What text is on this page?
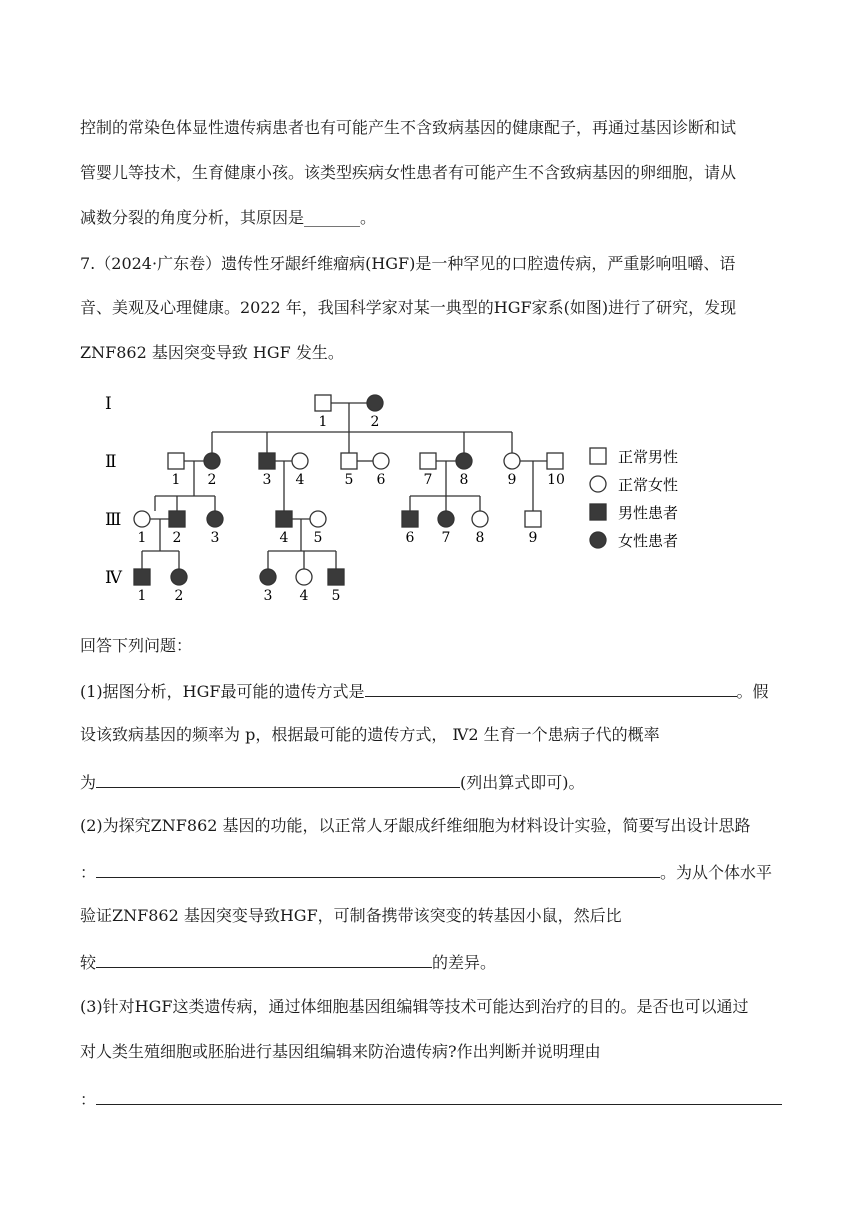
控制的常染色体显性遗传病患者也有可能产生不含致病基因的健康配子，再通过基因诊断和试
管婴儿等技术，生育健康小孩。该类型疾病女性患者有可能产生不含致病基因的卵细胞，请从
减数分裂的角度分析，其原因是_______。
7.（2024·广东卷）遗传性牙龈纤维瘤病(HGF)是一种罕见的口腔遗传病，严重影响咀嚼、语
音、美观及心理健康。2022 年，我国科学家对某一典型的HGF家系(如图)进行了研究，发现
ZNF862 基因突变导致 HGF 发生。
Ⅰ
Ⅱ
Ⅲ
Ⅳ
1	2
1 2	3 4	5 6	7 8	9 10
1 2 3	4 5	6 7 8	9
1 2	3 4 5
正常男性
正常女性
男性患者
女性患者
回答下列问题：
(1)据图分析，HGF最可能的遗传方式是	。假
设该致病基因的频率为 p，根据最可能的遗传方式， Ⅳ2 生育一个患病子代的概率
为	(列出算式即可)。
(2)为探究ZNF862 基因的功能，以正常人牙龈成纤维细胞为材料设计实验，简要写出设计思路
：	。为从个体水平
验证ZNF862 基因突变导致HGF，可制备携带该突变的转基因小鼠，然后比
较	的差异。
(3)针对HGF这类遗传病，通过体细胞基因组编辑等技术可能达到治疗的目的。是否也可以通过
对人类生殖细胞或胚胎进行基因组编辑来防治遗传病?作出判断并说明理由
：
